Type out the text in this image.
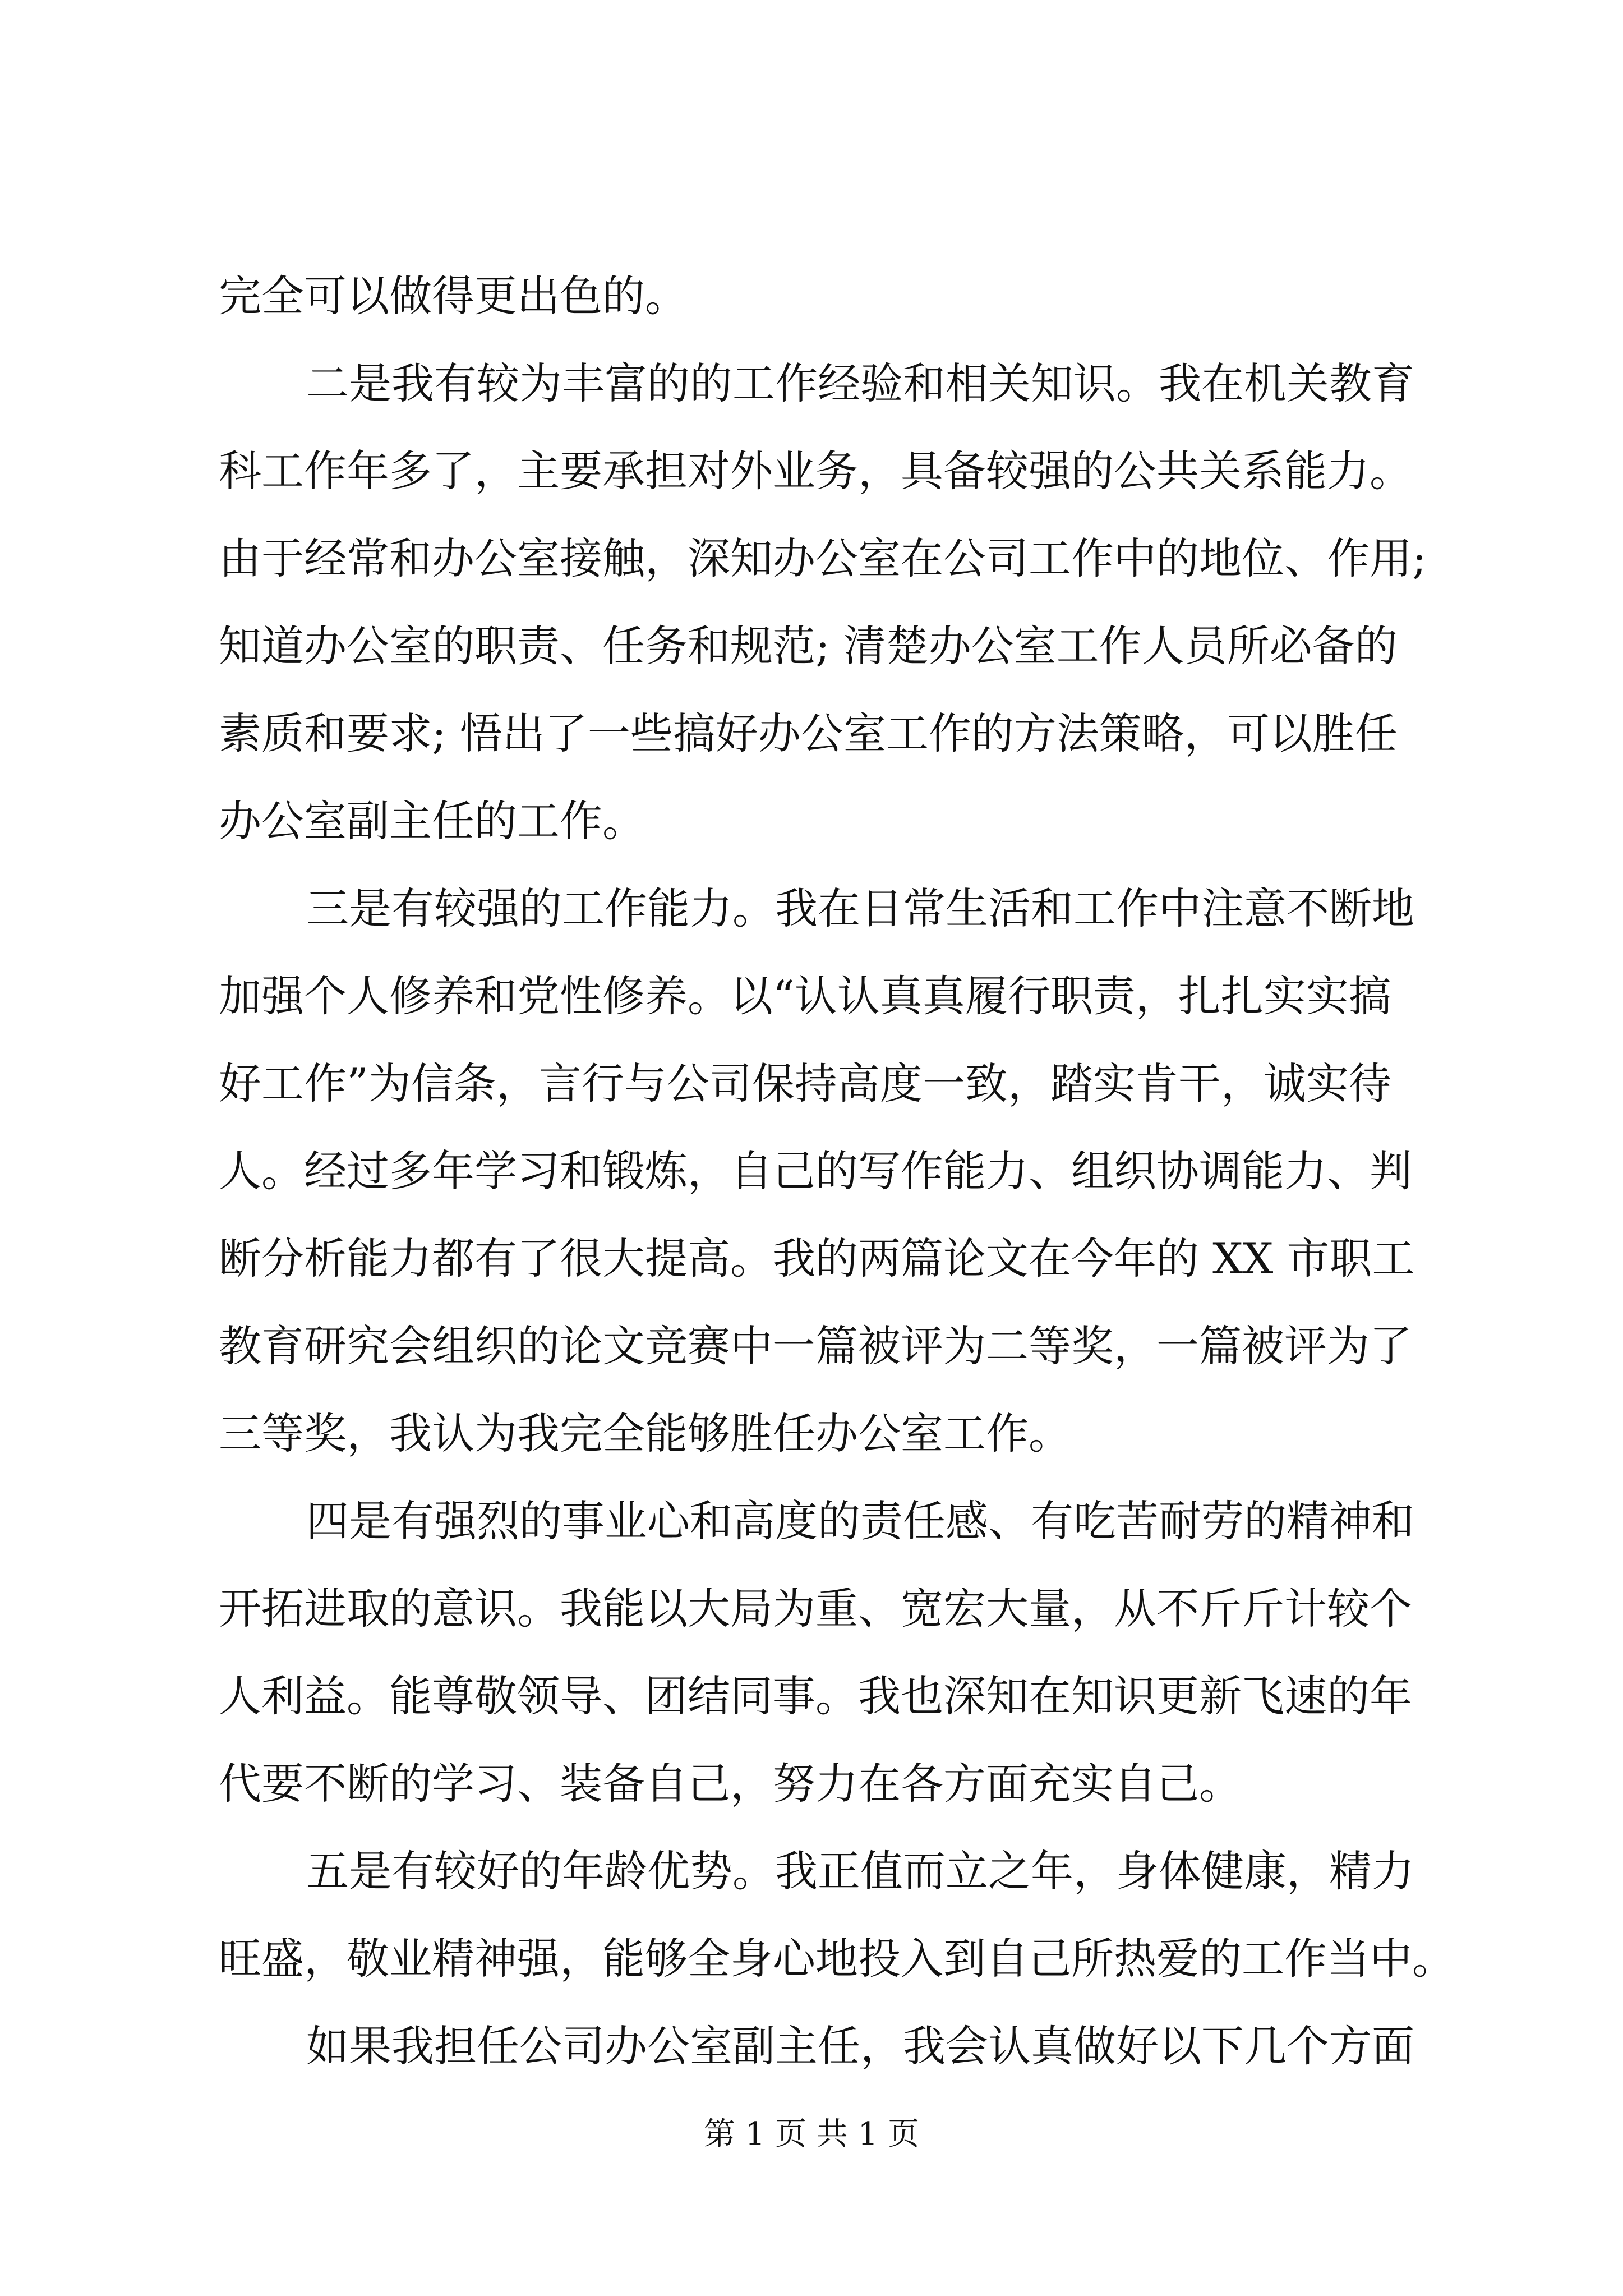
完全可以做得更出色的。
二是我有较为丰富的的工作经验和相关知识。我在机关教育
科工作年多了，主要承担对外业务，具备较强的公共关系能力。
由于经常和办公室接触，深知办公室在公司工作中的地位、作用;
知道办公室的职责、任务和规范; 清楚办公室工作人员所必备的
素质和要求; 悟出了一些搞好办公室工作的方法策略，可以胜任
办公室副主任的工作。
三是有较强的工作能力。我在日常生活和工作中注意不断地
加强个人修养和党性修养。以“认认真真履行职责，扎扎实实搞
好工作”为信条，言行与公司保持高度一致，踏实肯干，诚实待
人。经过多年学习和锻炼，自己的写作能力、组织协调能力、判
断分析能力都有了很大提高。我的两篇论文在今年的 XX 市职工
教育研究会组织的论文竞赛中一篇被评为二等奖，一篇被评为了
三等奖，我认为我完全能够胜任办公室工作。
四是有强烈的事业心和高度的责任感、有吃苦耐劳的精神和
开拓进取的意识。我能以大局为重、宽宏大量，从不斤斤计较个
人利益。能尊敬领导、团结同事。我也深知在知识更新飞速的年
代要不断的学习、装备自己，努力在各方面充实自己。
五是有较好的年龄优势。我正值而立之年，身体健康，精力
旺盛，敬业精神强，能够全身心地投入到自己所热爱的工作当中。
如果我担任公司办公室副主任，我会认真做好以下几个方面
第 1 页 共 1 页
